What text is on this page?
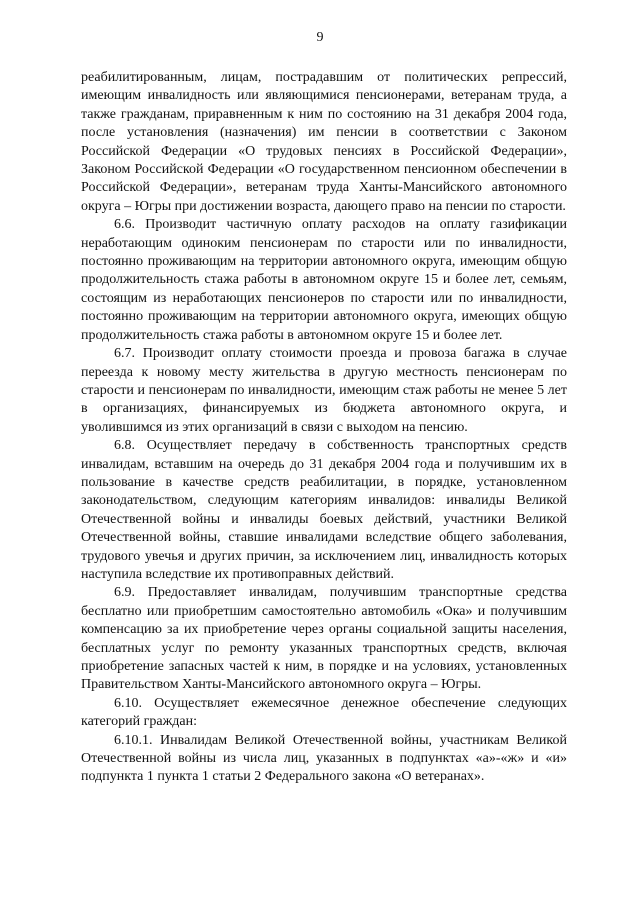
9

реабилитированным, лицам, пострадавшим от политических репрессий, имеющим инвалидность или являющимися пенсионерами, ветеранам труда, а также гражданам, приравненным к ним по состоянию на 31 декабря 2004 года, после установления (назначения) им пенсии в соответствии с Законом Российской Федерации «О трудовых пенсиях в Российской Федерации», Законом Российской Федерации «О государственном пенсионном обеспечении в Российской Федерации», ветеранам труда Ханты-Мансийского автономного округа – Югры при достижении возраста, дающего право на пенсии по старости.

6.6. Производит частичную оплату расходов на оплату газификации неработающим одиноким пенсионерам по старости или по инвалидности, постоянно проживающим на территории автономного округа, имеющим общую продолжительность стажа работы в автономном округе 15 и более лет, семьям, состоящим из неработающих пенсионеров по старости или по инвалидности, постоянно проживающим на территории автономного округа, имеющих общую продолжительность стажа работы в автономном округе 15 и более лет.

6.7. Производит оплату стоимости проезда и провоза багажа в случае переезда к новому месту жительства в другую местность пенсионерам по старости и пенсионерам по инвалидности, имеющим стаж работы не менее 5 лет в организациях, финансируемых из бюджета автономного округа, и уволившимся из этих организаций в связи с выходом на пенсию.

6.8. Осуществляет передачу в собственность транспортных средств инвалидам, вставшим на очередь до 31 декабря 2004 года и получившим их в пользование в качестве средств реабилитации, в порядке, установленном законодательством, следующим категориям инвалидов: инвалиды Великой Отечественной войны и инвалиды боевых действий, участники Великой Отечественной войны, ставшие инвалидами вследствие общего заболевания, трудового увечья и других причин, за исключением лиц, инвалидность которых наступила вследствие их противоправных действий.

6.9. Предоставляет инвалидам, получившим транспортные средства бесплатно или приобретшим самостоятельно автомобиль «Ока» и получившим компенсацию за их приобретение через органы социальной защиты населения, бесплатных услуг по ремонту указанных транспортных средств, включая приобретение запасных частей к ним, в порядке и на условиях, установленных Правительством Ханты-Мансийского автономного округа – Югры.

6.10. Осуществляет ежемесячное денежное обеспечение следующих категорий граждан:

6.10.1. Инвалидам Великой Отечественной войны, участникам Великой Отечественной войны из числа лиц, указанных в подпунктах «а»-«ж» и «и» подпункта 1 пункта 1 статьи 2 Федерального закона «О ветеранах».
